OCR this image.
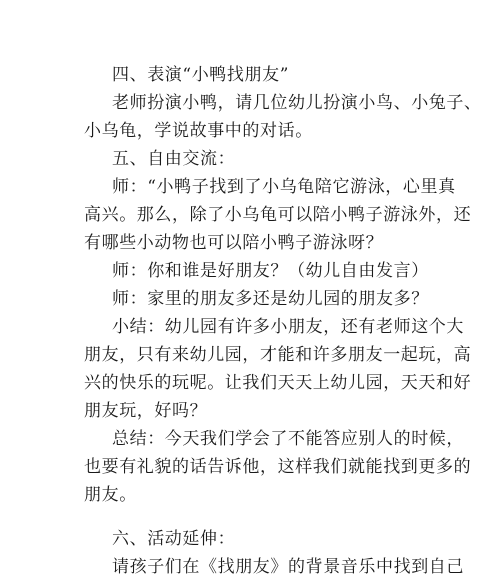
四、表演“小鸭找朋友”
老师扮演小鸭，请几位幼儿扮演小鸟、小兔子、
小乌龟，学说故事中的对话。
五、自由交流：
师：“小鸭子找到了小乌龟陪它游泳，心里真
高兴。那么，除了小乌龟可以陪小鸭子游泳外，还
有哪些小动物也可以陪小鸭子游泳呀？
师：你和谁是好朋友？（幼儿自由发言）
师：家里的朋友多还是幼儿园的朋友多？
小结：幼儿园有许多小朋友，还有老师这个大
朋友，只有来幼儿园，才能和许多朋友一起玩，高
兴的快乐的玩呢。让我们天天上幼儿园，天天和好
朋友玩，好吗？
总结：今天我们学会了不能答应别人的时候，
也要有礼貌的话告诉他，这样我们就能找到更多的
朋友。
六、活动延伸：
请孩子们在《找朋友》的背景音乐中找到自己
